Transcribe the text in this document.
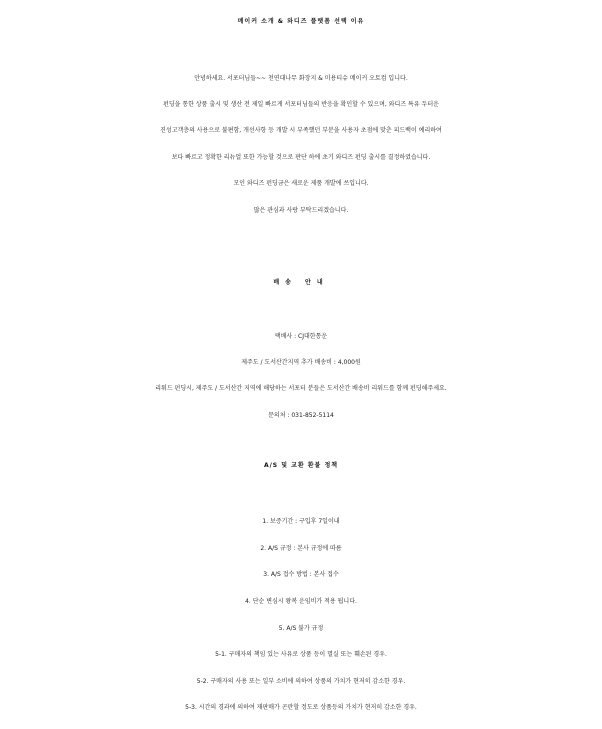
메이커 소개 & 와디즈 플랫폼 선택 이유
안녕하세요. 서포터님들~~ 천연대나무 화장지 & 미용티슈 메이커 오토컴 입니다.
펀딩을 통한 상품 출시 및 생산 전 제일 빠르게 서포터님들의 반응을 확인할 수 있으며, 와디즈 특유 두터운
진성고객층의 사용으로 불편함, 개선사항 등 개발 시 부족했던 부분을 사용자 초점에 맞춘 피드백이 예리하여
보다 빠르고 정확한 리뉴얼 또한 가능할 것으로 판단 하에 초기 와디즈 펀딩 출시를 결정하였습니다.
모인 와디즈 펀딩금은 새로운 제품 개발에 쓰입니다.
많은 관심과 사랑 부탁드리겠습니다.
배송 안내
택배사 : CJ대한통운
제주도 / 도서산간지역 추가 배송비 : 4,000원
리워드 펀딩시, 제주도 / 도서산간 지역에 해당하는 서포터 분들은 도서산간 배송비 리워드를 함께 펀딩해주세요.
문의처 : 031-852-5114
A/S 및 교환 환불 정책
1. 보증기간 : 구입후 7일이내
2. A/S 규정 : 본사 규정에 따름
3. A/S 접수 방법 : 본사 접수
4. 단순 변심시 왕복 운임비가 적용 됩니다.
5. A/S 불가 규정
5-1. 구매자의 책임 있는 사유로 상품 등이 멸실 또는 훼손된 경우.
5-2. 구매자의 사용 또는 일부 소비에 의하여 상품의 가치가 현저히 감소한 경우.
5-3. 시간의 경과에 의하여 재판매가 곤란할 정도로 상품등의 가치가 현저히 감소한 경우.
